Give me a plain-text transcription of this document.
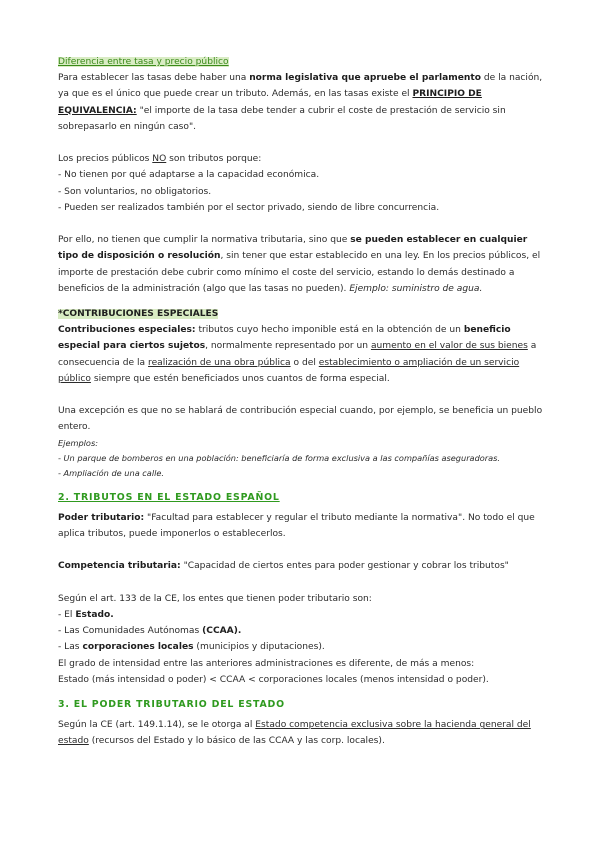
Diferencia entre tasa y precio público

Para establecer las tasas debe haber una norma legislativa que apruebe el parlamento de la nación, ya que es el único que puede crear un tributo. Además, en las tasas existe el PRINCIPIO DE EQUIVALENCIA: "el importe de la tasa debe tender a cubrir el coste de prestación de servicio sin sobrepasarlo en ningún caso".

Los precios públicos NO son tributos porque:

- No tienen por qué adaptarse a la capacidad económica.

- Son voluntarios, no obligatorios.

- Pueden ser realizados también por el sector privado, siendo de libre concurrencia.

Por ello, no tienen que cumplir la normativa tributaria, sino que se pueden establecer en cualquier tipo de disposición o resolución, sin tener que estar establecido en una ley. En los precios públicos, el importe de prestación debe cubrir como mínimo el coste del servicio, estando lo demás destinado a beneficios de la administración (algo que las tasas no pueden). Ejemplo: suministro de agua.

*CONTRIBUCIONES ESPECIALES

Contribuciones especiales: tributos cuyo hecho imponible está en la obtención de un beneficio especial para ciertos sujetos, normalmente representado por un aumento en el valor de sus bienes a consecuencia de la realización de una obra pública o del establecimiento o ampliación de un servicio público siempre que estén beneficiados unos cuantos de forma especial.

Una excepción es que no se hablará de contribución especial cuando, por ejemplo, se beneficia un pueblo entero.

Ejemplos:

- Un parque de bomberos en una población: beneficiaría de forma exclusiva a las compañías aseguradoras.

- Ampliación de una calle.

2. TRIBUTOS EN EL ESTADO ESPAÑOL

Poder tributario: "Facultad para establecer y regular el tributo mediante la normativa". No todo el que aplica tributos, puede imponerlos o establecerlos.

Competencia tributaria: "Capacidad de ciertos entes para poder gestionar y cobrar los tributos"

Según el art. 133 de la CE, los entes que tienen poder tributario son:

- El Estado.

- Las Comunidades Autónomas (CCAA).

- Las corporaciones locales (municipios y diputaciones).

El grado de intensidad entre las anteriores administraciones es diferente, de más a menos:

Estado (más intensidad o poder) < CCAA < corporaciones locales (menos intensidad o poder).

3. EL PODER TRIBUTARIO DEL ESTADO

Según la CE (art. 149.1.14), se le otorga al Estado competencia exclusiva sobre la hacienda general del estado (recursos del Estado y lo básico de las CCAA y las corp. locales).
